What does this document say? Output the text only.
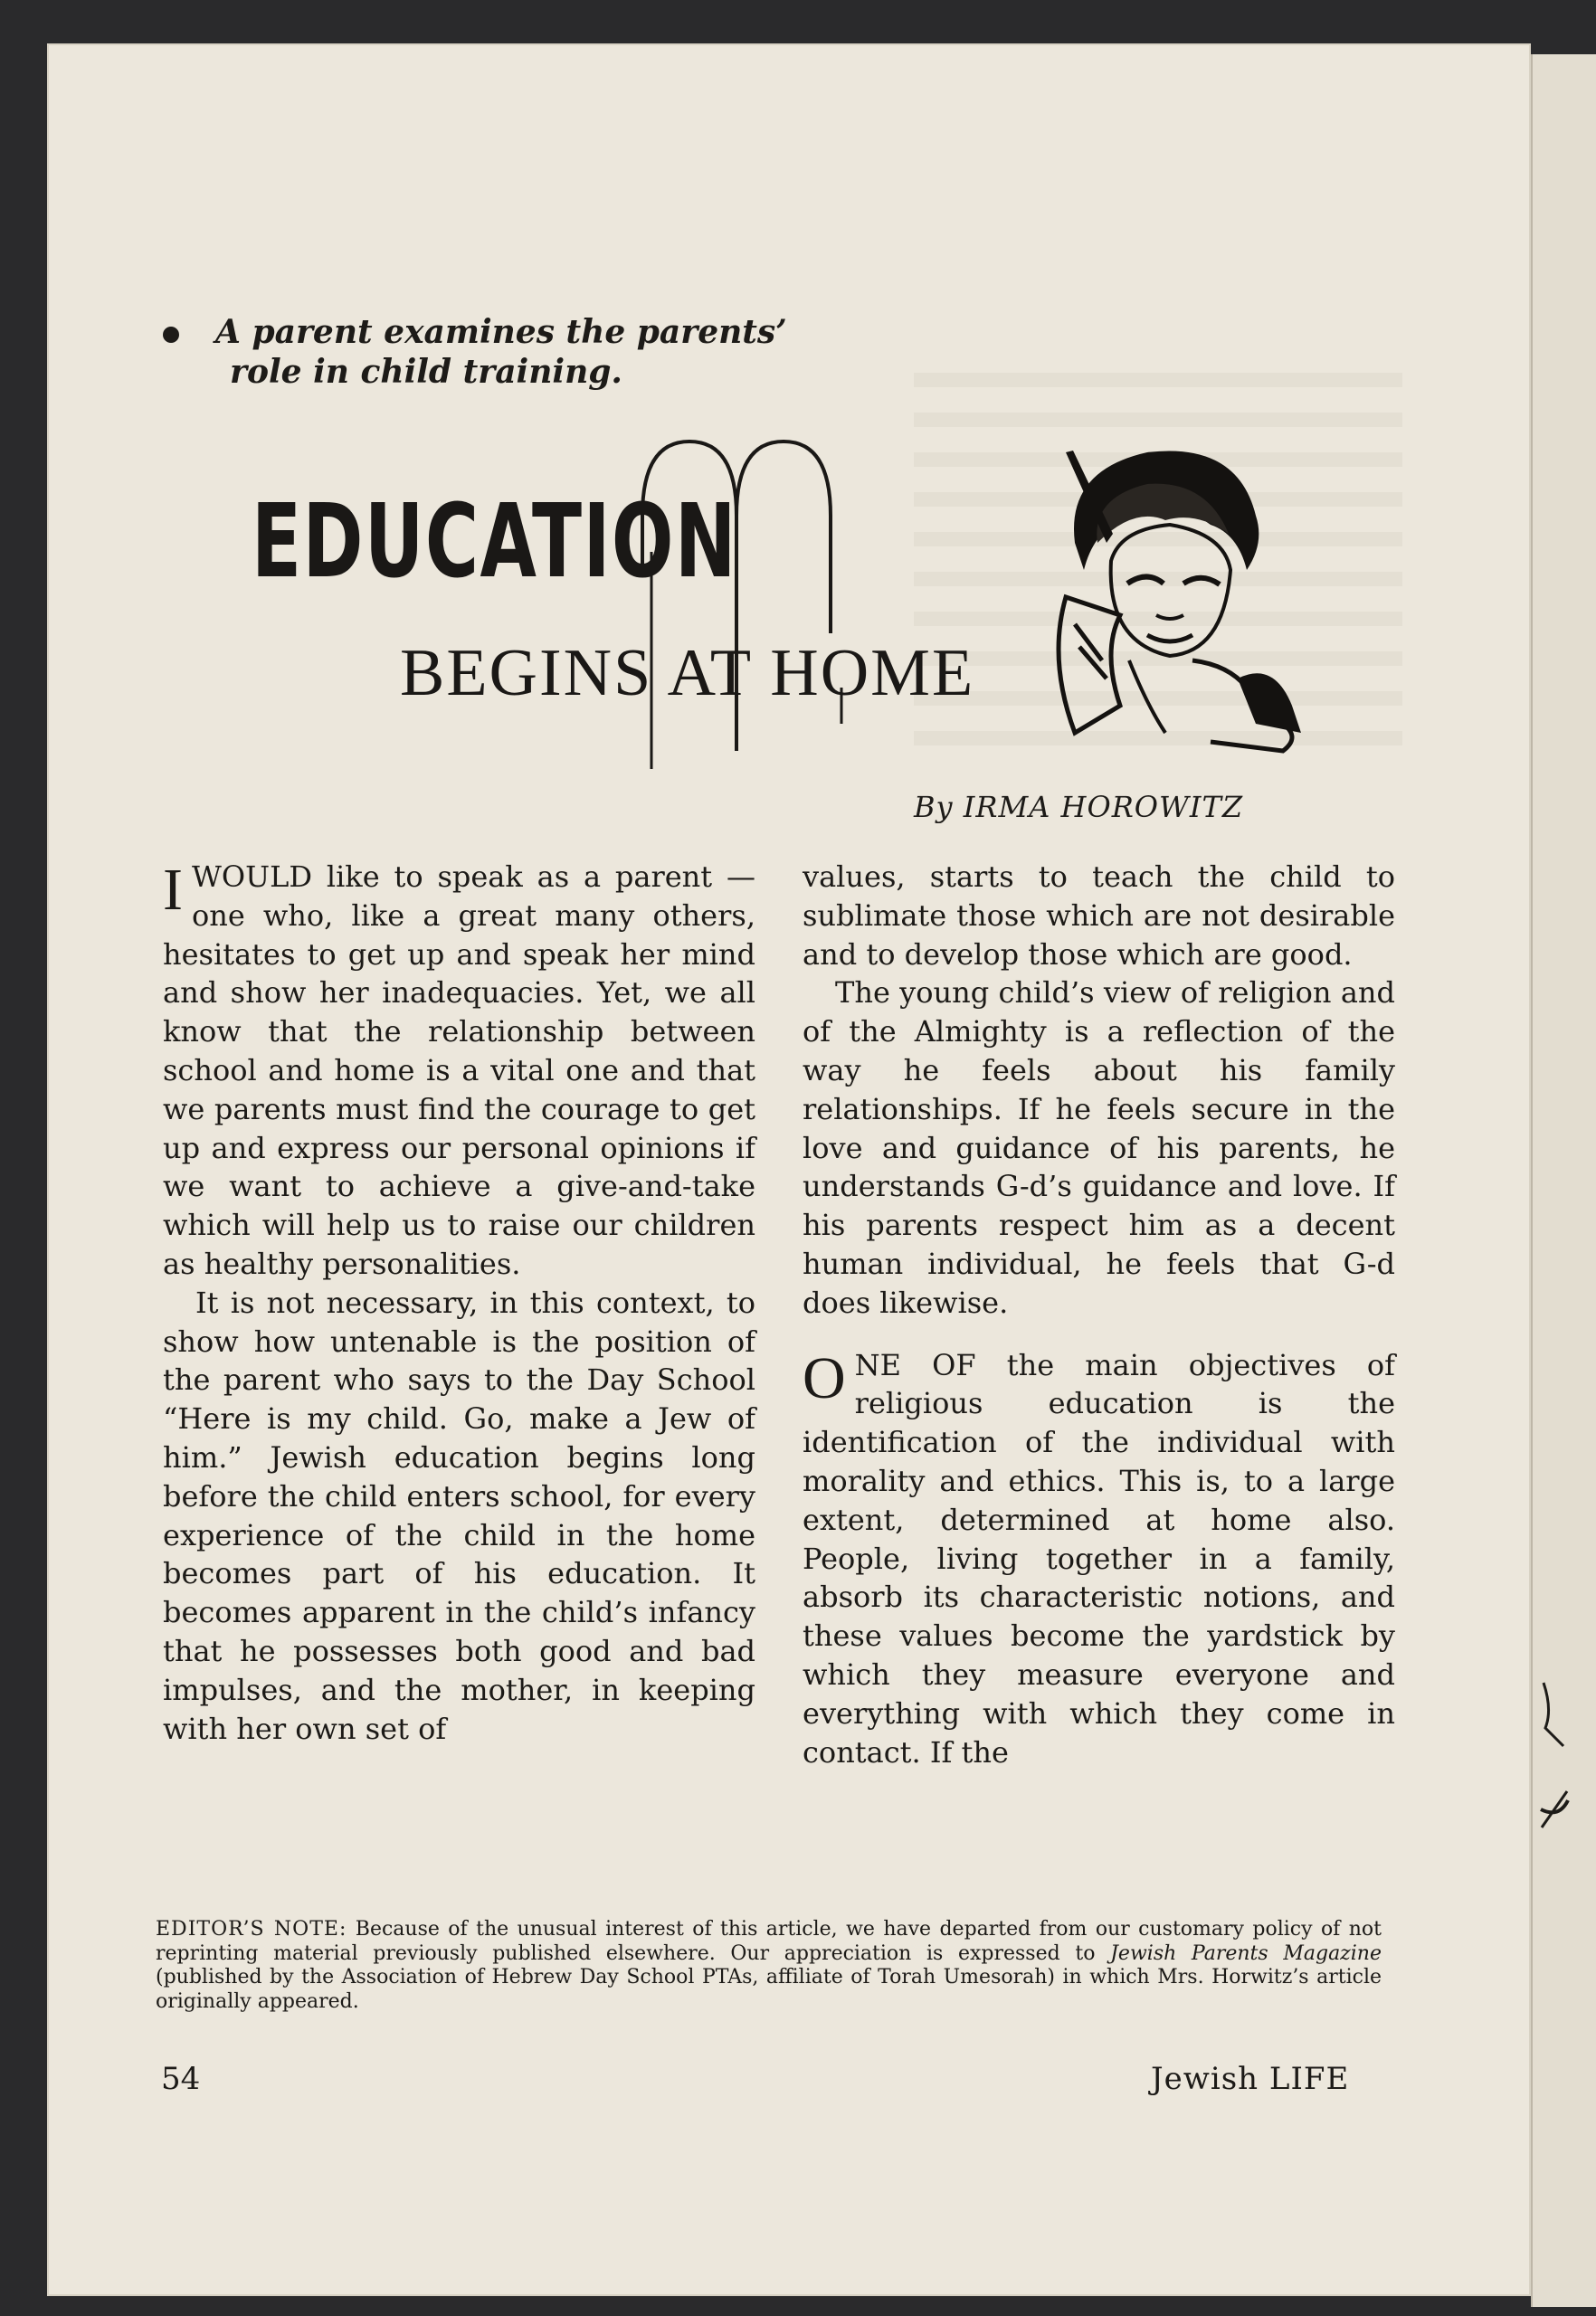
A parent examines the parents’
role in child training.
EDUCATION
BEGINS AT HOME
By IRMA HOROWITZ

I WOULD like to speak as a parent — one who, like a great many others, hesitates to get up and speak her mind and show her inadequacies. Yet, we all know that the relationship between school and home is a vital one and that we parents must find the courage to get up and express our personal opinions if we want to achieve a give-and-take which will help us to raise our children as healthy personalities.

It is not necessary, in this context, to show how untenable is the position of the parent who says to the Day School “Here is my child. Go, make a Jew of him.” Jewish education begins long before the child enters school, for every experience of the child in the home becomes part of his education. It becomes apparent in the child’s infancy that he possesses both good and bad impulses, and the mother, in keeping with her own set of

values, starts to teach the child to sublimate those which are not desirable and to develop those which are good.

The young child’s view of religion and of the Almighty is a reflection of the way he feels about his family relationships. If he feels secure in the love and guidance of his parents, he understands G-d’s guidance and love. If his parents respect him as a decent human individual, he feels that G-d does likewise.

O NE OF the main objectives of religious education is the identification of the individual with morality and ethics. This is, to a large extent, determined at home also. People, living together in a family, absorb its characteristic notions, and these values become the yardstick by which they measure everyone and everything with which they come in contact. If the

EDITOR’S NOTE: Because of the unusual interest of this article, we have departed from our customary policy of not reprinting material previously published elsewhere. Our appreciation is expressed to Jewish Parents Magazine (published by the Association of Hebrew Day School PTAs, affiliate of Torah Umesorah) in which Mrs. Horwitz’s article originally appeared.
54	Jewish LIFE
